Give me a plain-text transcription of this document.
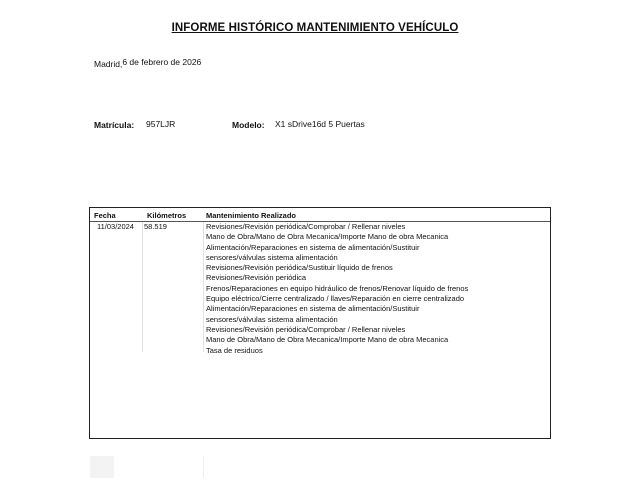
INFORME HISTÓRICO MANTENIMIENTO VEHÍCULO
Madrid,6 de febrero de 2026
Matrícula: 957LJR	Modelo: X1 sDrive16d 5 Puertas
Fecha	Kilómetros	Mantenimiento Realizado
11/03/2024 58.519	Revisiones/Revisión periódica/Comprobar / Rellenar niveles
Mano de Obra/Mano de Obra Mecanica/Importe Mano de obra Mecanica
Alimentación/Reparaciones en sistema de alimentación/Sustituir
sensores/válvulas sistema alimentación
Revisiones/Revisión periódica/Sustituir líquido de frenos
Revisiones/Revisión periódica
Frenos/Reparaciones en equipo hidráulico de frenos/Renovar líquido de frenos
Equipo eléctrico/Cierre centralizado / llaves/Reparación en cierre centralizado
Alimentación/Reparaciones en sistema de alimentación/Sustituir
sensores/válvulas sistema alimentación
Revisiones/Revisión periódica/Comprobar / Rellenar niveles
Mano de Obra/Mano de Obra Mecanica/Importe Mano de obra Mecanica
Tasa de residuos
